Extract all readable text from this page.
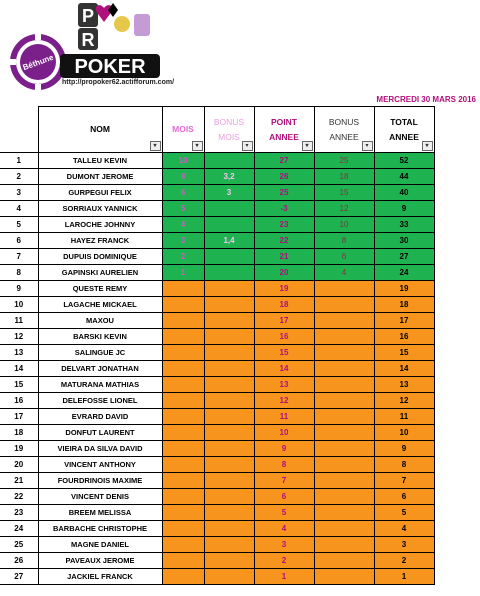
Béthune
P
R
POKER
http://propoker62.actifforum.com/
MERCREDI 30 MARS 2016

	NOM
▾	MOIS
▾	BONUS
MOIS
▾	POINT
ANNEE
▾	BONUS
ANNEE
▾	TOTAL
ANNEE
▾

1	TALLEU KEVIN	10		27	25	52
2	DUMONT JEROME	8	3,2	26	18	44
3	GURPEGUI FELIX	6	3	25	15	40
4	SORRIAUX YANNICK	5		-3	12	9
5	LAROCHE JOHNNY	4		23	10	33
6	HAYEZ FRANCK	3	1,4	22	8	30
7	DUPUIS DOMINIQUE	2		21	6	27
8	GAPINSKI AURELIEN	1		20	4	24
9	QUESTE REMY			19		19
10	LAGACHE MICKAEL			18		18
11	MAXOU			17		17
12	BARSKI KEVIN			16		16
13	SALINGUE JC			15		15
14	DELVART JONATHAN			14		14
15	MATURANA MATHIAS			13		13
16	DELEFOSSE LIONEL			12		12
17	EVRARD DAVID			11		11
18	DONFUT LAURENT			10		10
19	VIEIRA DA SILVA DAVID			9		9
20	VINCENT ANTHONY			8		8
21	FOURDRINOIS MAXIME			7		7
22	VINCENT DENIS			6		6
23	BREEM MELISSA			5		5
24	BARBACHE CHRISTOPHE			4		4
25	MAGNE DANIEL			3		3
26	PAVEAUX JEROME			2		2
27	JACKIEL FRANCK			1		1
